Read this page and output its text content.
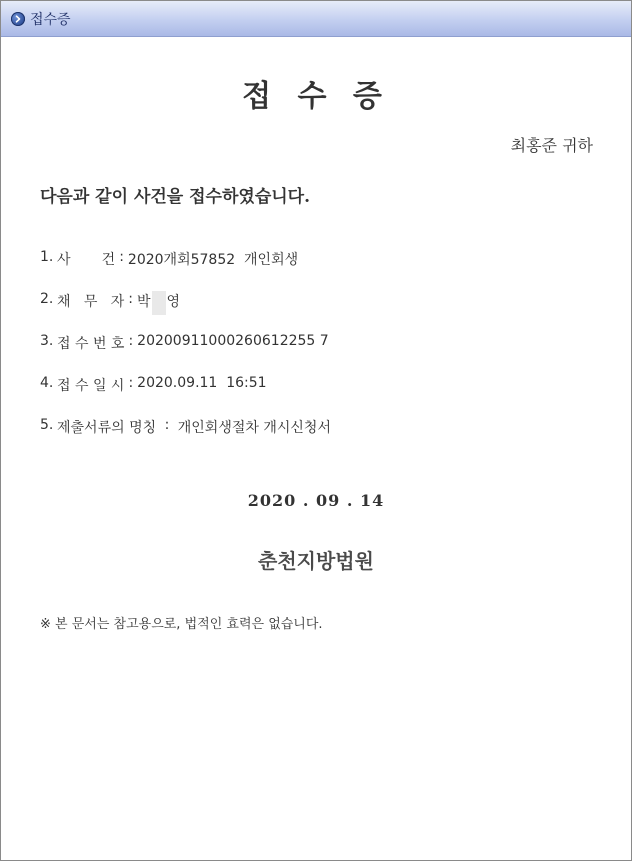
접수증
접 수 증
최홍준 귀하
다음과 같이 사건을 접수하였습니다.
1. 사       건 : 2020개회57852  개인회생
2. 채   무   자 : 박 영
3. 접 수 번 호 : 20200911000260612255 7
4. 접 수 일 시 : 2020.09.11  16:51
5. 제출서류의 명칭 : 개인회생절차 개시신청서
2020 . 09 . 14
춘천지방법원
※ 본 문서는 참고용으로, 법적인 효력은 없습니다.
